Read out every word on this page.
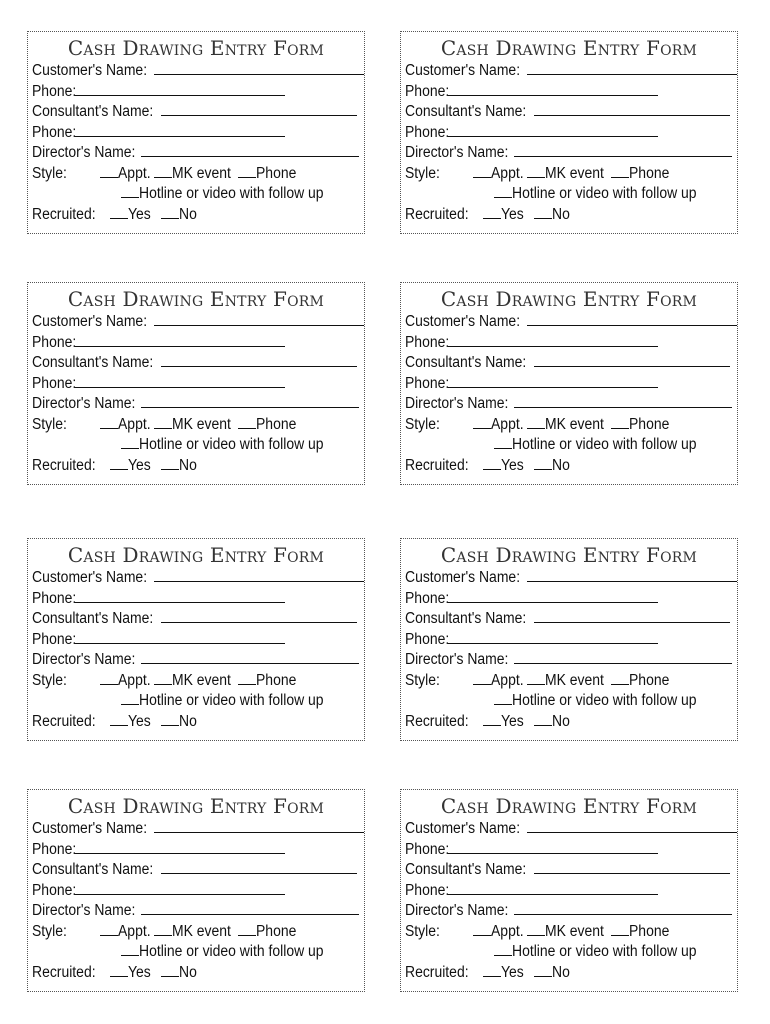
Cash Drawing Entry Form
Customer's Name:
Phone:
Consultant's Name:
Phone:
Director's Name:
Style:	Appt.	MK event	Phone
Hotline or video with follow up
Recruited:	Yes	No
Cash Drawing Entry Form
Customer's Name:
Phone:
Consultant's Name:
Phone:
Director's Name:
Style:	Appt.	MK event	Phone
Hotline or video with follow up
Recruited:	Yes	No
Cash Drawing Entry Form
Customer's Name:
Phone:
Consultant's Name:
Phone:
Director's Name:
Style:	Appt.	MK event	Phone
Hotline or video with follow up
Recruited:	Yes	No
Cash Drawing Entry Form
Customer's Name:
Phone:
Consultant's Name:
Phone:
Director's Name:
Style:	Appt.	MK event	Phone
Hotline or video with follow up
Recruited:	Yes	No
Cash Drawing Entry Form
Customer's Name:
Phone:
Consultant's Name:
Phone:
Director's Name:
Style:	Appt.	MK event	Phone
Hotline or video with follow up
Recruited:	Yes	No
Cash Drawing Entry Form
Customer's Name:
Phone:
Consultant's Name:
Phone:
Director's Name:
Style:	Appt.	MK event	Phone
Hotline or video with follow up
Recruited:	Yes	No
Cash Drawing Entry Form
Customer's Name:
Phone:
Consultant's Name:
Phone:
Director's Name:
Style:	Appt.	MK event	Phone
Hotline or video with follow up
Recruited:	Yes	No
Cash Drawing Entry Form
Customer's Name:
Phone:
Consultant's Name:
Phone:
Director's Name:
Style:	Appt.	MK event	Phone
Hotline or video with follow up
Recruited:	Yes	No
